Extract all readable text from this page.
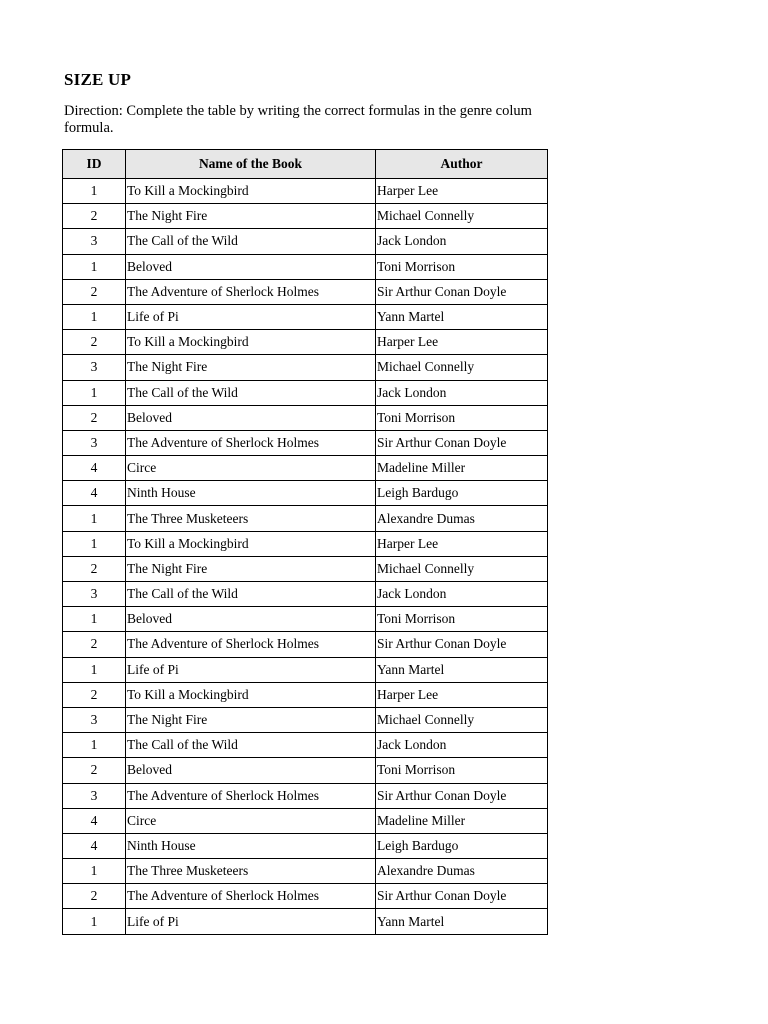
SIZE UP
Direction: Complete the table by writing the correct formulas in the genre colum
formula.
ID	Name of the Book	Author
1	To Kill a Mockingbird	Harper Lee
2	The Night Fire	Michael Connelly
3	The Call of the Wild	Jack London
1	Beloved	Toni Morrison
2	The Adventure of Sherlock Holmes	Sir Arthur Conan Doyle
1	Life of Pi	Yann Martel
2	To Kill a Mockingbird	Harper Lee
3	The Night Fire	Michael Connelly
1	The Call of the Wild	Jack London
2	Beloved	Toni Morrison
3	The Adventure of Sherlock Holmes	Sir Arthur Conan Doyle
4	Circe	Madeline Miller
4	Ninth House	Leigh Bardugo
1	The Three Musketeers	Alexandre Dumas
1	To Kill a Mockingbird	Harper Lee
2	The Night Fire	Michael Connelly
3	The Call of the Wild	Jack London
1	Beloved	Toni Morrison
2	The Adventure of Sherlock Holmes	Sir Arthur Conan Doyle
1	Life of Pi	Yann Martel
2	To Kill a Mockingbird	Harper Lee
3	The Night Fire	Michael Connelly
1	The Call of the Wild	Jack London
2	Beloved	Toni Morrison
3	The Adventure of Sherlock Holmes	Sir Arthur Conan Doyle
4	Circe	Madeline Miller
4	Ninth House	Leigh Bardugo
1	The Three Musketeers	Alexandre Dumas
2	The Adventure of Sherlock Holmes	Sir Arthur Conan Doyle
1	Life of Pi	Yann Martel
